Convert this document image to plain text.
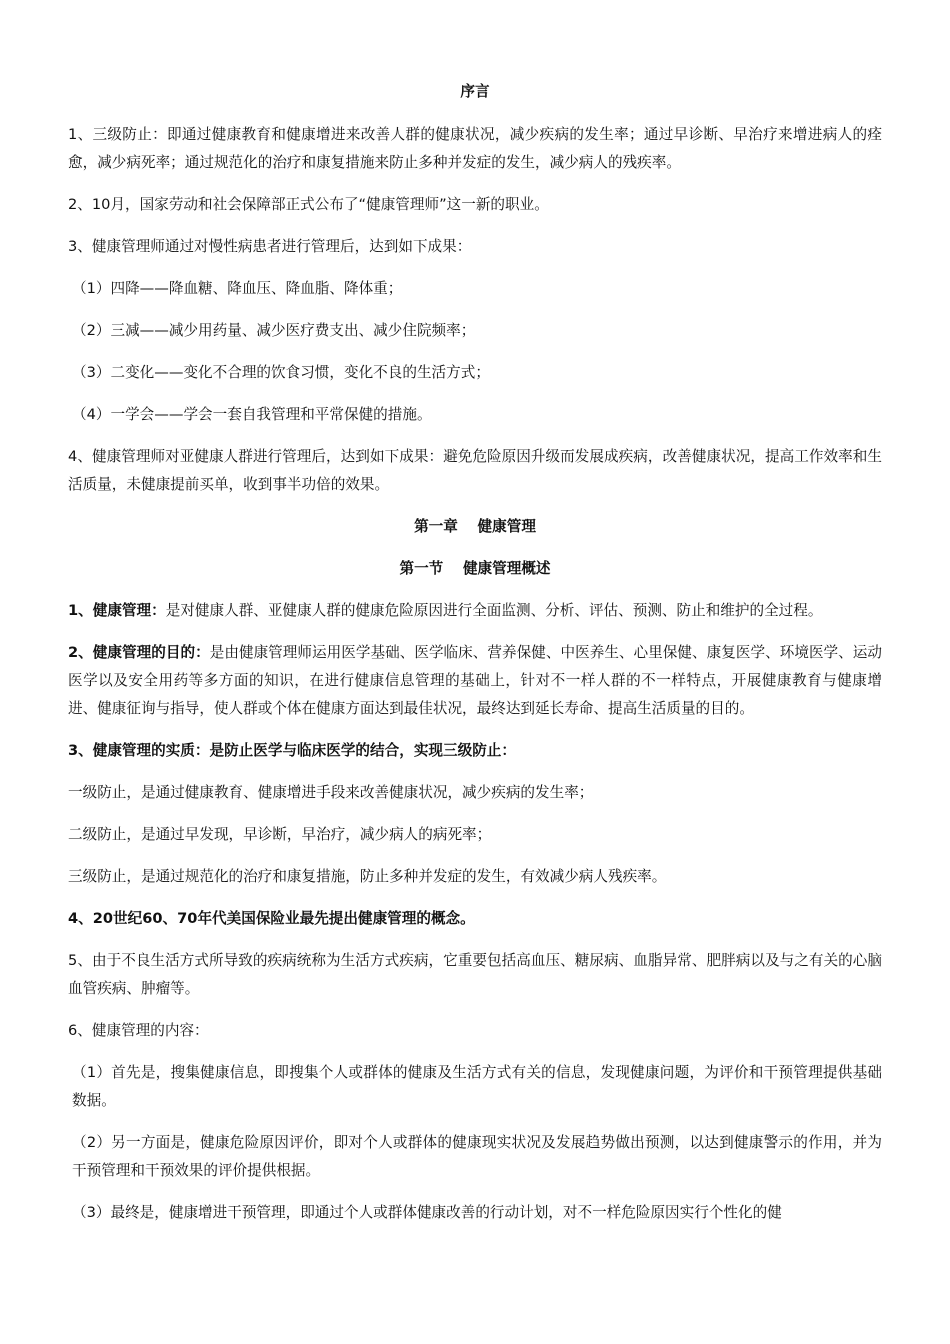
序言

1、三级防止：即通过健康教育和健康增进来改善人群的健康状况，减少疾病的发生率；通过早诊断、早治疗来增进病人的痊愈，减少病死率；通过规范化的治疗和康复措施来防止多种并发症的发生，减少病人的残疾率。

2、10月，国家劳动和社会保障部正式公布了“健康管理师”这一新的职业。

3、健康管理师通过对慢性病患者进行管理后，达到如下成果：

（1）四降——降血糖、降血压、降血脂、降体重；

（2）三减——减少用药量、减少医疗费支出、减少住院频率；

（3）二变化——变化不合理的饮食习惯，变化不良的生活方式；

（4）一学会——学会一套自我管理和平常保健的措施。

4、健康管理师对亚健康人群进行管理后，达到如下成果：避免危险原因升级而发展成疾病，改善健康状况，提高工作效率和生活质量，未健康提前买单，收到事半功倍的效果。

第一章　 健康管理

第一节　 健康管理概述

1、健康管理：是对健康人群、亚健康人群的健康危险原因进行全面监测、分析、评估、预测、防止和维护的全过程。

2、健康管理的目的：是由健康管理师运用医学基础、医学临床、营养保健、中医养生、心里保健、康复医学、环境医学、运动医学以及安全用药等多方面的知识，在进行健康信息管理的基础上，针对不一样人群的不一样特点，开展健康教育与健康增进、健康征询与指导，使人群或个体在健康方面达到最佳状况，最终达到延长寿命、提高生活质量的目的。

3、健康管理的实质：是防止医学与临床医学的结合，实现三级防止：

一级防止，是通过健康教育、健康增进手段来改善健康状况，减少疾病的发生率；

二级防止，是通过早发现，早诊断，早治疗，减少病人的病死率；

三级防止，是通过规范化的治疗和康复措施，防止多种并发症的发生，有效减少病人残疾率。

4、20世纪60、70年代美国保险业最先提出健康管理的概念。

5、由于不良生活方式所导致的疾病统称为生活方式疾病，它重要包括高血压、糖尿病、血脂异常、肥胖病以及与之有关的心脑血管疾病、肿瘤等。

6、健康管理的内容：

（1）首先是，搜集健康信息，即搜集个人或群体的健康及生活方式有关的信息，发现健康问题，为评价和干预管理提供基础数据。

（2）另一方面是，健康危险原因评价，即对个人或群体的健康现实状况及发展趋势做出预测，以达到健康警示的作用，并为干预管理和干预效果的评价提供根据。

（3）最终是，健康增进干预管理，即通过个人或群体健康改善的行动计划，对不一样危险原因实行个性化的健
